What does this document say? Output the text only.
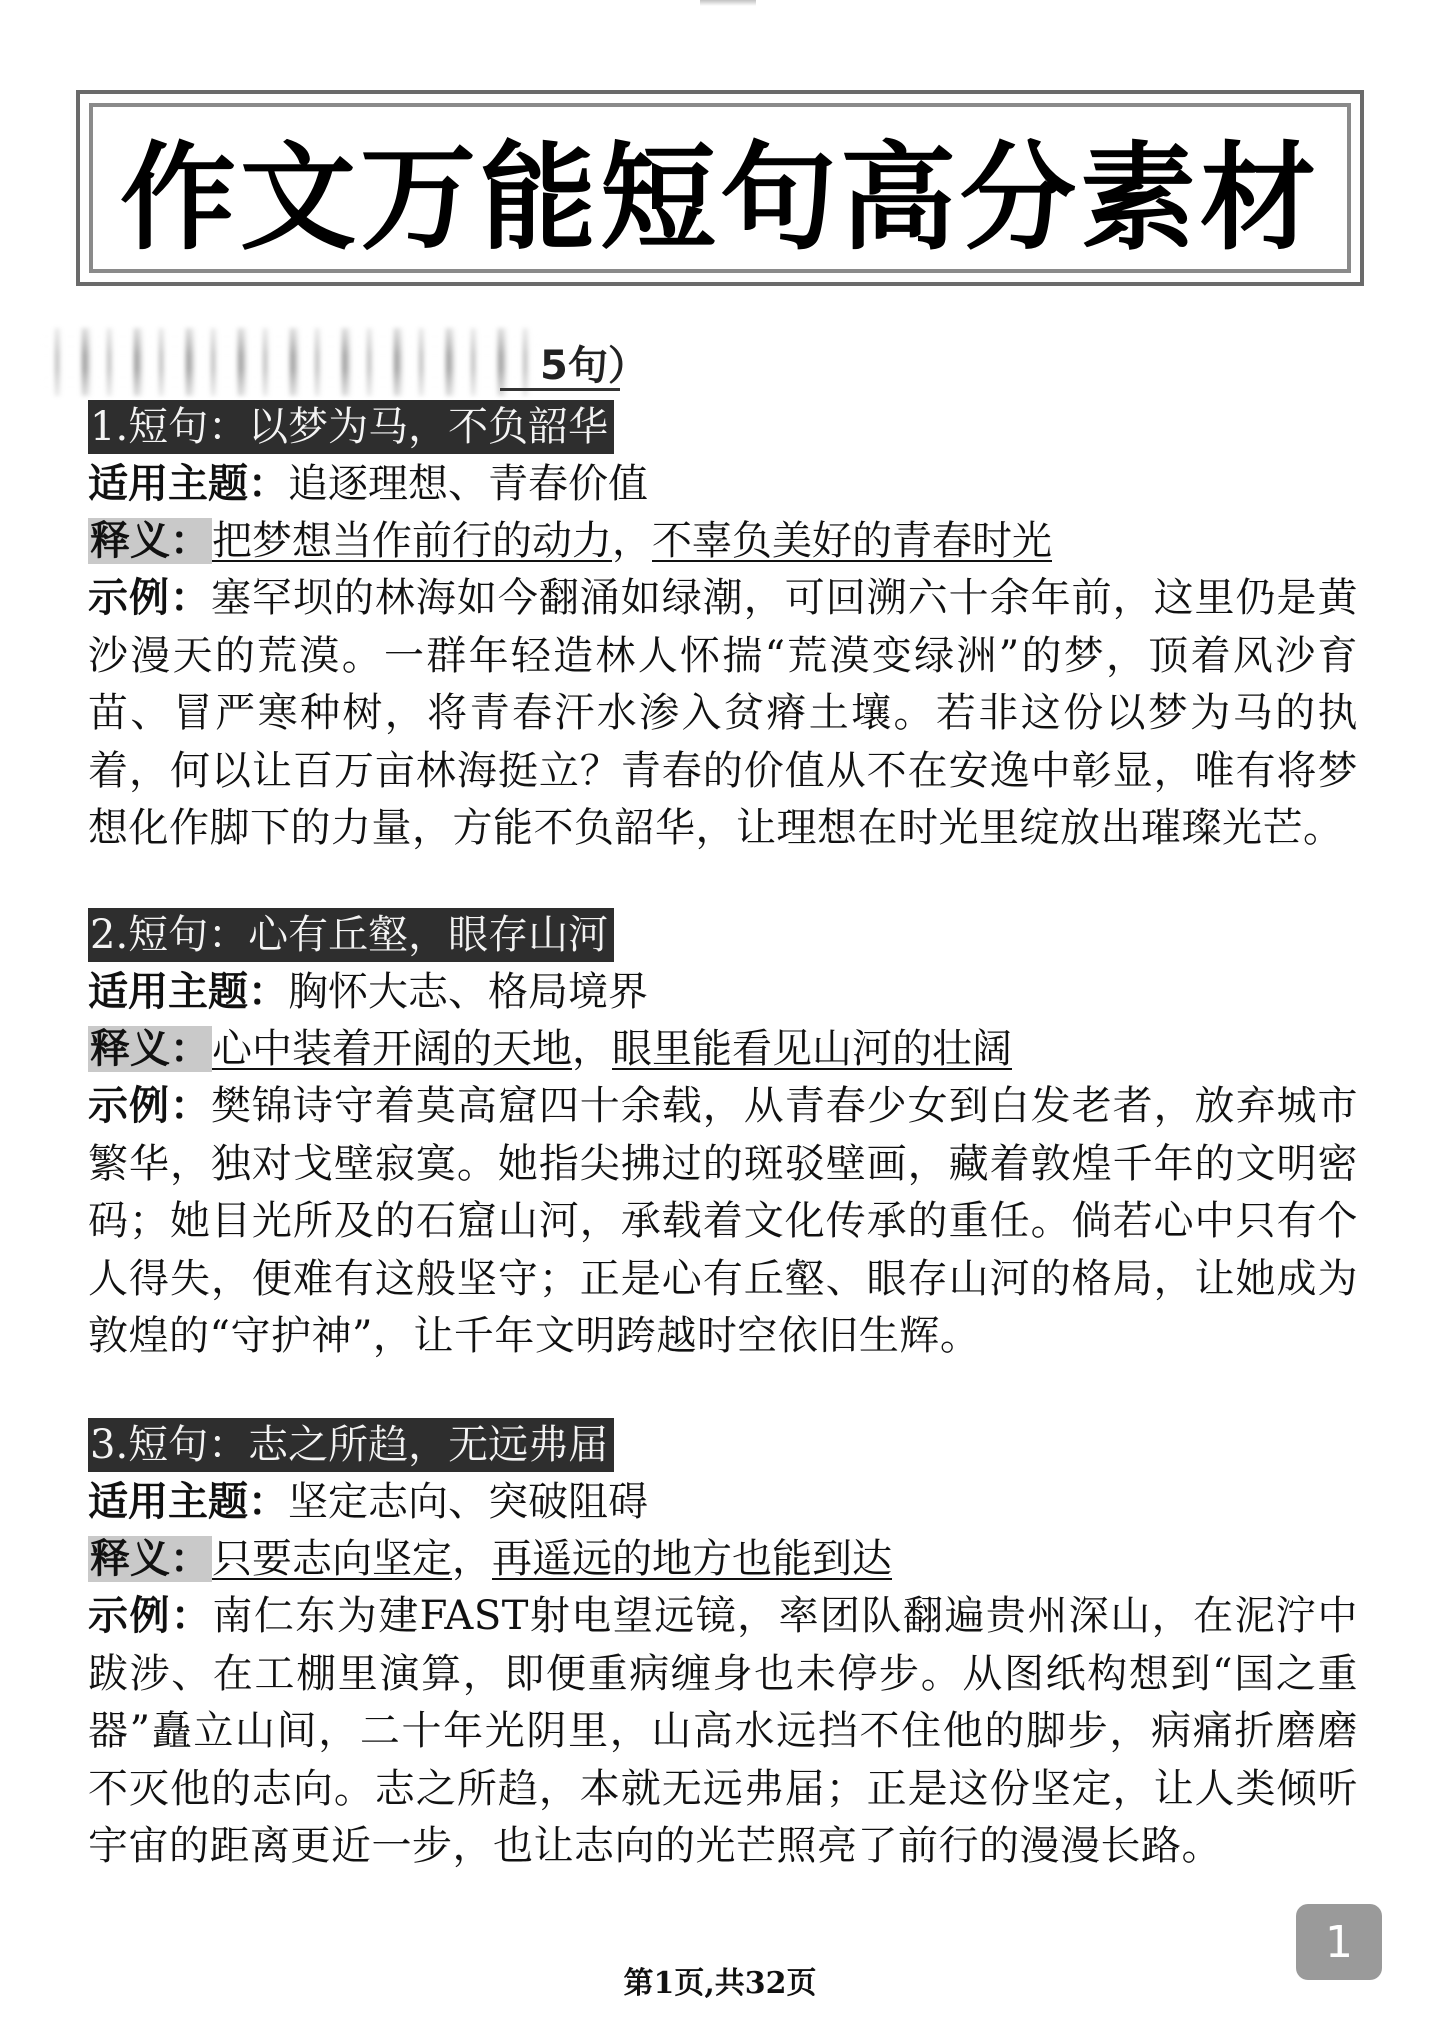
作文万能短句高分素材
5句）
1.短句：以梦为马，不负韶华
适用主题：追逐理想、青春价值
释义：把梦想当作前行的动力，不辜负美好的青春时光
示例：塞罕坝的林海如今翻涌如绿潮，可回溯六十余年前，这里仍是黄沙漫天的荒漠。一群年轻造林人怀揣“荒漠变绿洲”的梦，顶着风沙育苗、冒严寒种树，将青春汗水渗入贫瘠土壤。若非这份以梦为马的执着，何以让百万亩林海挺立？青春的价值从不在安逸中彰显，唯有将梦想化作脚下的力量，方能不负韶华，让理想在时光里绽放出璀璨光芒。
2.短句：心有丘壑，眼存山河
适用主题：胸怀大志、格局境界
释义：心中装着开阔的天地，眼里能看见山河的壮阔
示例：樊锦诗守着莫高窟四十余载，从青春少女到白发老者，放弃城市繁华，独对戈壁寂寞。她指尖拂过的斑驳壁画，藏着敦煌千年的文明密码；她目光所及的石窟山河，承载着文化传承的重任。倘若心中只有个人得失，便难有这般坚守；正是心有丘壑、眼存山河的格局，让她成为敦煌的“守护神”，让千年文明跨越时空依旧生辉。
3.短句：志之所趋，无远弗届
适用主题：坚定志向、突破阻碍
释义：只要志向坚定，再遥远的地方也能到达
示例：南仁东为建FAST射电望远镜，率团队翻遍贵州深山，在泥泞中跋涉、在工棚里演算，即便重病缠身也未停步。从图纸构想到“国之重器”矗立山间，二十年光阴里，山高水远挡不住他的脚步，病痛折磨磨不灭他的志向。志之所趋，本就无远弗届；正是这份坚定，让人类倾听宇宙的距离更近一步，也让志向的光芒照亮了前行的漫漫长路。
1
第1页,共32页
